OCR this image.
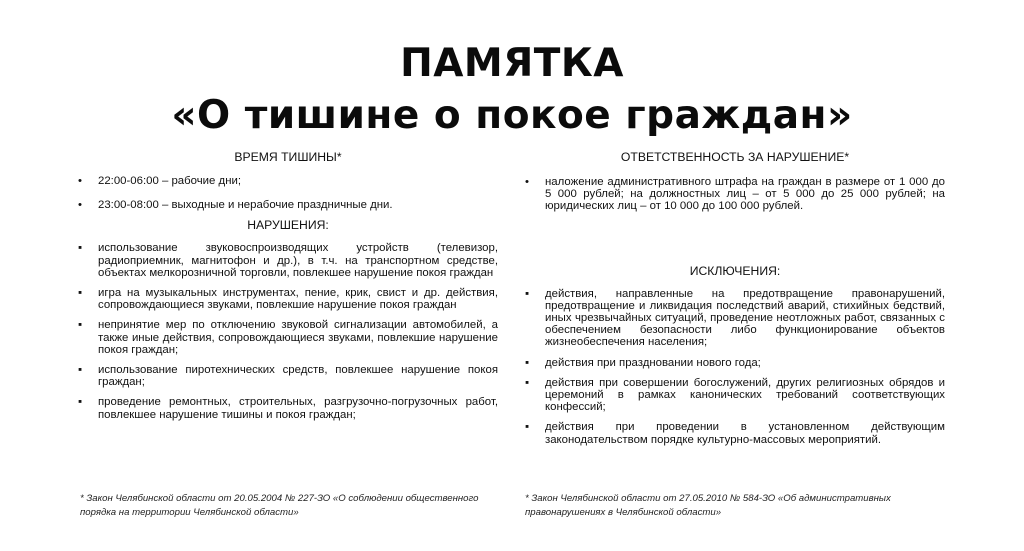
ПАМЯТКА
«О тишине о покое граждан»
ВРЕМЯ ТИШИНЫ*
•	22:00-06:00 – рабочие дни;
•	23:00-08:00 – выходные и нерабочие праздничные дни.
НАРУШЕНИЯ:
▪	использование звуковоспроизводящих устройств (телевизор, радиоприемник, магнитофон и др.), в т.ч. на транспортном средстве, объектах мелкорозничной торговли, повлекшее нарушение покоя граждан
▪	игра на музыкальных инструментах, пение, крик, свист и др. действия, сопровождающиеся звуками, повлекшие нарушение покоя граждан
▪	непринятие мер по отключению звуковой сигнализации автомобилей, а также иные действия, сопровождающиеся звуками, повлекшие нарушение покоя граждан;
▪	использование пиротехнических средств, повлекшее нарушение покоя граждан;
▪	проведение ремонтных, строительных, разгрузочно-погрузочных работ, повлекшее нарушение тишины и покоя граждан;
* Закон Челябинской области от 20.05.2004 № 227-ЗО «О соблюдении общественного порядка на территории Челябинской области»
ОТВЕТСТВЕННОСТЬ ЗА НАРУШЕНИЕ*
•	наложение административного штрафа на граждан в размере от 1 000 до 5 000 рублей; на должностных лиц – от 5 000 до 25 000 рублей; на юридических лиц – от 10 000 до 100 000 рублей.
ИСКЛЮЧЕНИЯ:
▪	действия, направленные на предотвращение правонарушений, предотвращение и ликвидация последствий аварий, стихийных бедствий, иных чрезвычайных ситуаций, проведение неотложных работ, связанных с обеспечением безопасности либо функционирование объектов жизнеобеспечения населения;
▪	действия при праздновании нового года;
▪	действия при совершении богослужений, других религиозных обрядов и церемоний в рамках канонических требований соответствующих конфессий;
▪	действия при проведении в установленном действующим законодательством порядке культурно-массовых мероприятий.
* Закон Челябинской области от 27.05.2010 № 584-ЗО «Об административных правонарушениях в Челябинской области»
